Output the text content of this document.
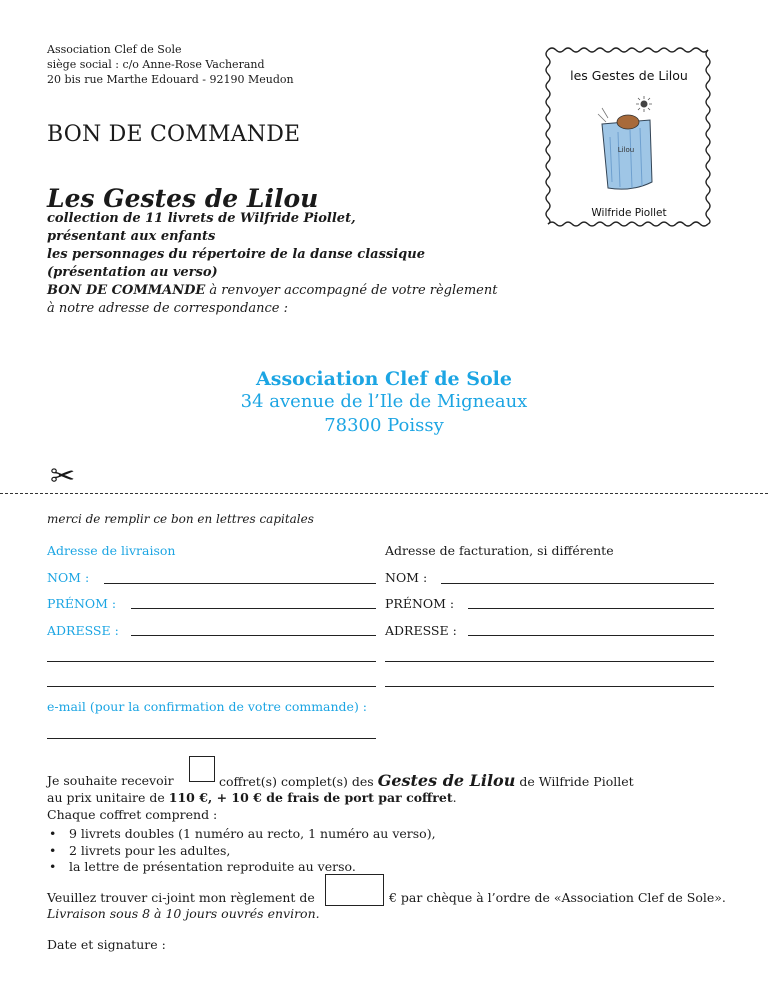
Association Clef de Sole
siège social : c/o Anne-Rose Vacherand
20 bis rue Marthe Edouard - 92190 Meudon
BON DE COMMANDE
Les Gestes de Lilou
collection de 11 livrets de Wilfride Piollet,
présentant aux enfants
les personnages du répertoire de la danse classique
(présentation au verso)
BON DE COMMANDE à renvoyer accompagné de votre règlement
à notre adresse de correspondance :
les Gestes de Lilou
Lilou
Wilfride Piollet
Association Clef de Sole
34 avenue de l’Ile de Migneaux
78300 Poissy
✂
merci de remplir ce bon en lettres capitales
Adresse de livraison
NOM :
PRÉNOM :
ADRESSE :
Adresse de facturation, si différente
NOM :
PRÉNOM :
ADRESSE :
e-mail (pour la confirmation de votre commande) :
Je souhaite recevoir	coffret(s) complet(s) des Gestes de Lilou de Wilfride Piollet
au prix unitaire de 110 €, + 10 € de frais de port par coffret.
Chaque coffret comprend :
• 9 livrets doubles (1 numéro au recto, 1 numéro au verso),
• 2 livrets pour les adultes,
• la lettre de présentation reproduite au verso.
Veuillez trouver ci-joint mon règlement de	€ par chèque à l’ordre de «Association Clef de Sole».
Livraison sous 8 à 10 jours ouvrés environ.
Date et signature :
